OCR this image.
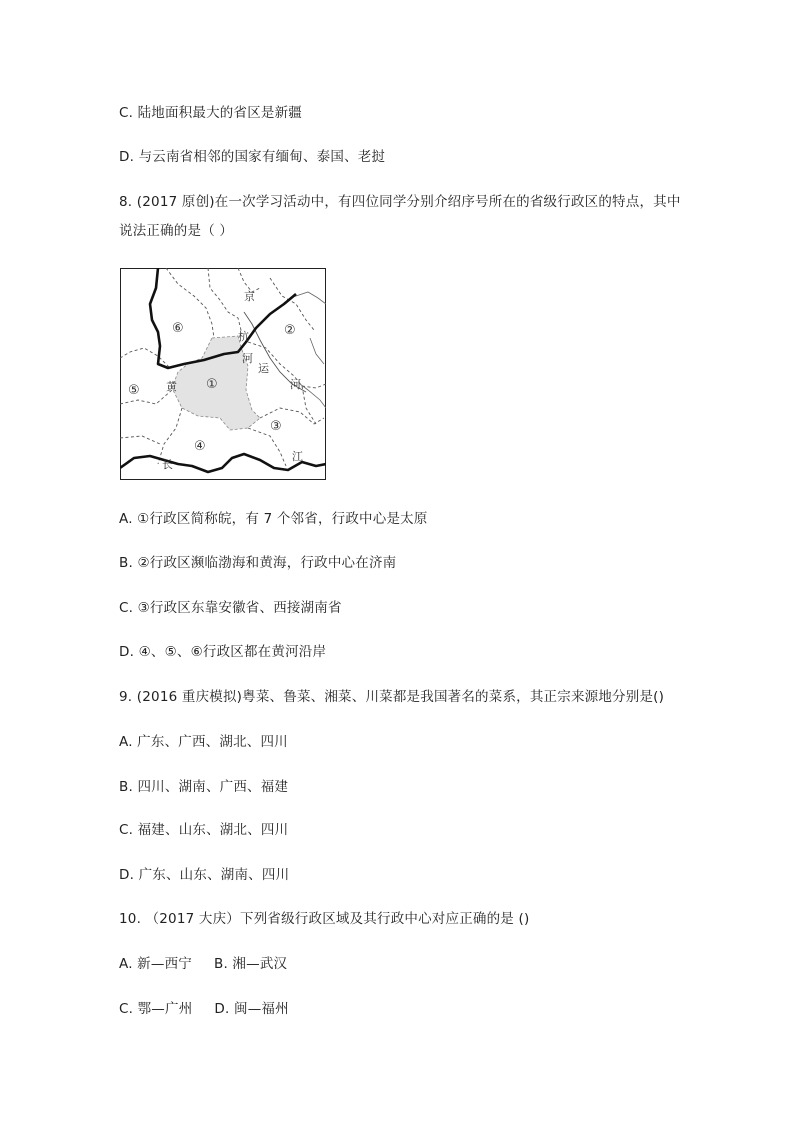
C. 陆地面积最大的省区是新疆
D. 与云南省相邻的国家有缅甸、泰国、老挝
8. (2017 原创)在一次学习活动中，有四位同学分别介绍序号所在的省级行政区的特点，其中
说法正确的是（ ）
京
杭
河
运
河
黄
长
江
①
②
③
④
⑤
⑥
A. ①行政区简称皖，有 7 个邻省，行政中心是太原
B. ②行政区濒临渤海和黄海，行政中心在济南
C. ③行政区东靠安徽省、西接湖南省
D. ④、⑤、⑥行政区都在黄河沿岸
9. (2016 重庆模拟)粤菜、鲁菜、湘菜、川菜都是我国著名的菜系，其正宗来源地分别是()
A. 广东、广西、湖北、四川
B. 四川、湖南、广西、福建
C. 福建、山东、湖北、四川
D. 广东、山东、湖南、四川
10. （2017 大庆）下列省级行政区域及其行政中心对应正确的是 ()
A. 新—西宁 B. 湘—武汉
C. 鄂—广州 D. 闽—福州
